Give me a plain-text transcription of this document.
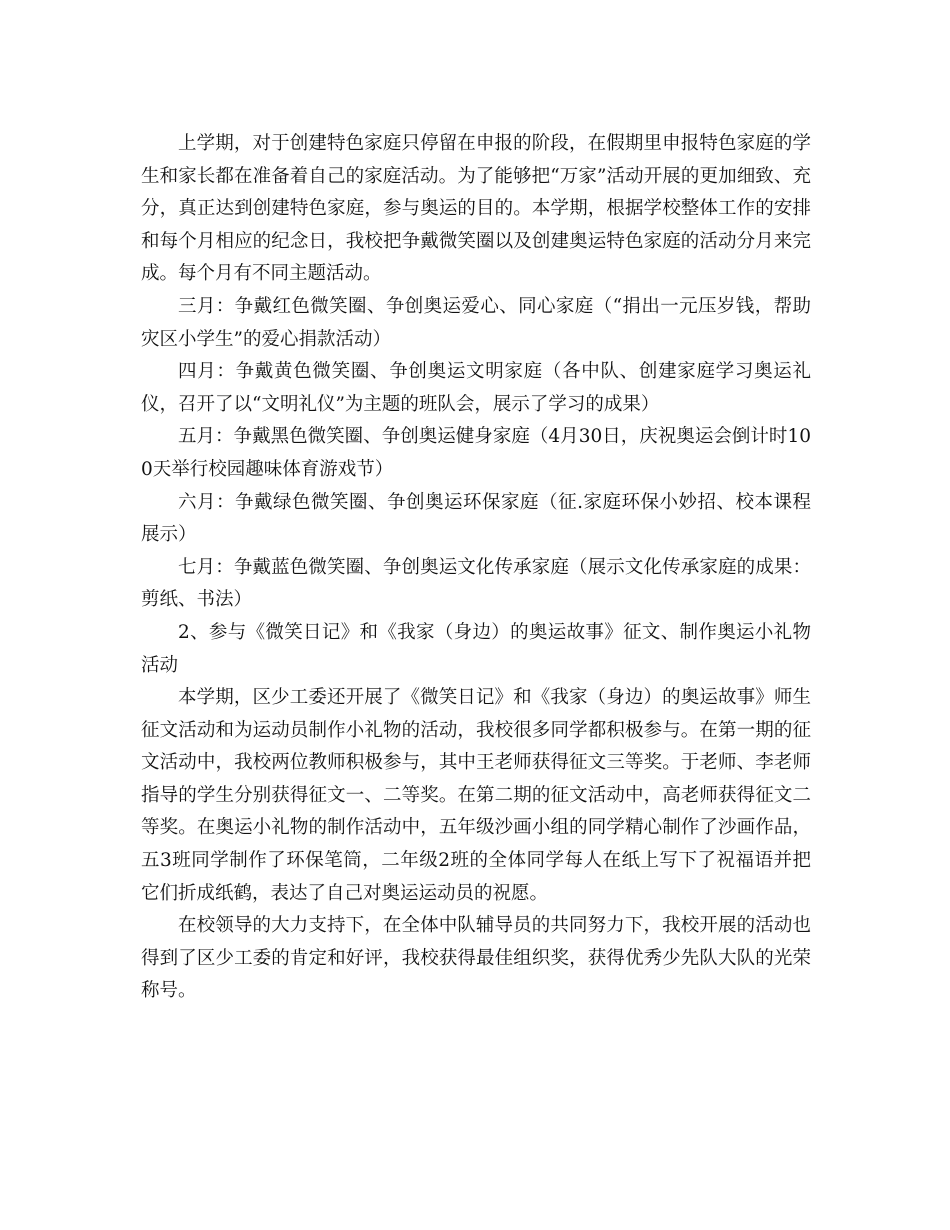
上学期，对于创建特色家庭只停留在申报的阶段，在假期里申报特色家庭的学生和家长都在准备着自己的家庭活动。为了能够把“万家”活动开展的更加细致、充分，真正达到创建特色家庭，参与奥运的目的。本学期，根据学校整体工作的安排和每个月相应的纪念日，我校把争戴微笑圈以及创建奥运特色家庭的活动分月来完成。每个月有不同主题活动。

三月：争戴红色微笑圈、争创奥运爱心、同心家庭（“捐出一元压岁钱，帮助灾区小学生”的爱心捐款活动）

四月：争戴黄色微笑圈、争创奥运文明家庭（各中队、创建家庭学习奥运礼仪，召开了以“文明礼仪”为主题的班队会，展示了学习的成果）

五月：争戴黑色微笑圈、争创奥运健身家庭（4月30日，庆祝奥运会倒计时100天举行校园趣味体育游戏节）

六月：争戴绿色微笑圈、争创奥运环保家庭（征.家庭环保小妙招、校本课程展示）

七月：争戴蓝色微笑圈、争创奥运文化传承家庭（展示文化传承家庭的成果：剪纸、书法）

2、参与《微笑日记》和《我家（身边）的奥运故事》征文、制作奥运小礼物活动

本学期，区少工委还开展了《微笑日记》和《我家（身边）的奥运故事》师生征文活动和为运动员制作小礼物的活动，我校很多同学都积极参与。在第一期的征文活动中，我校两位教师积极参与，其中王老师获得征文三等奖。于老师、李老师指导的学生分别获得征文一、二等奖。在第二期的征文活动中，高老师获得征文二等奖。在奥运小礼物的制作活动中，五年级沙画小组的同学精心制作了沙画作品，五3班同学制作了环保笔筒，二年级2班的全体同学每人在纸上写下了祝福语并把它们折成纸鹤，表达了自己对奥运运动员的祝愿。

在校领导的大力支持下，在全体中队辅导员的共同努力下，我校开展的活动也得到了区少工委的肯定和好评，我校获得最佳组织奖，获得优秀少先队大队的光荣称号。
